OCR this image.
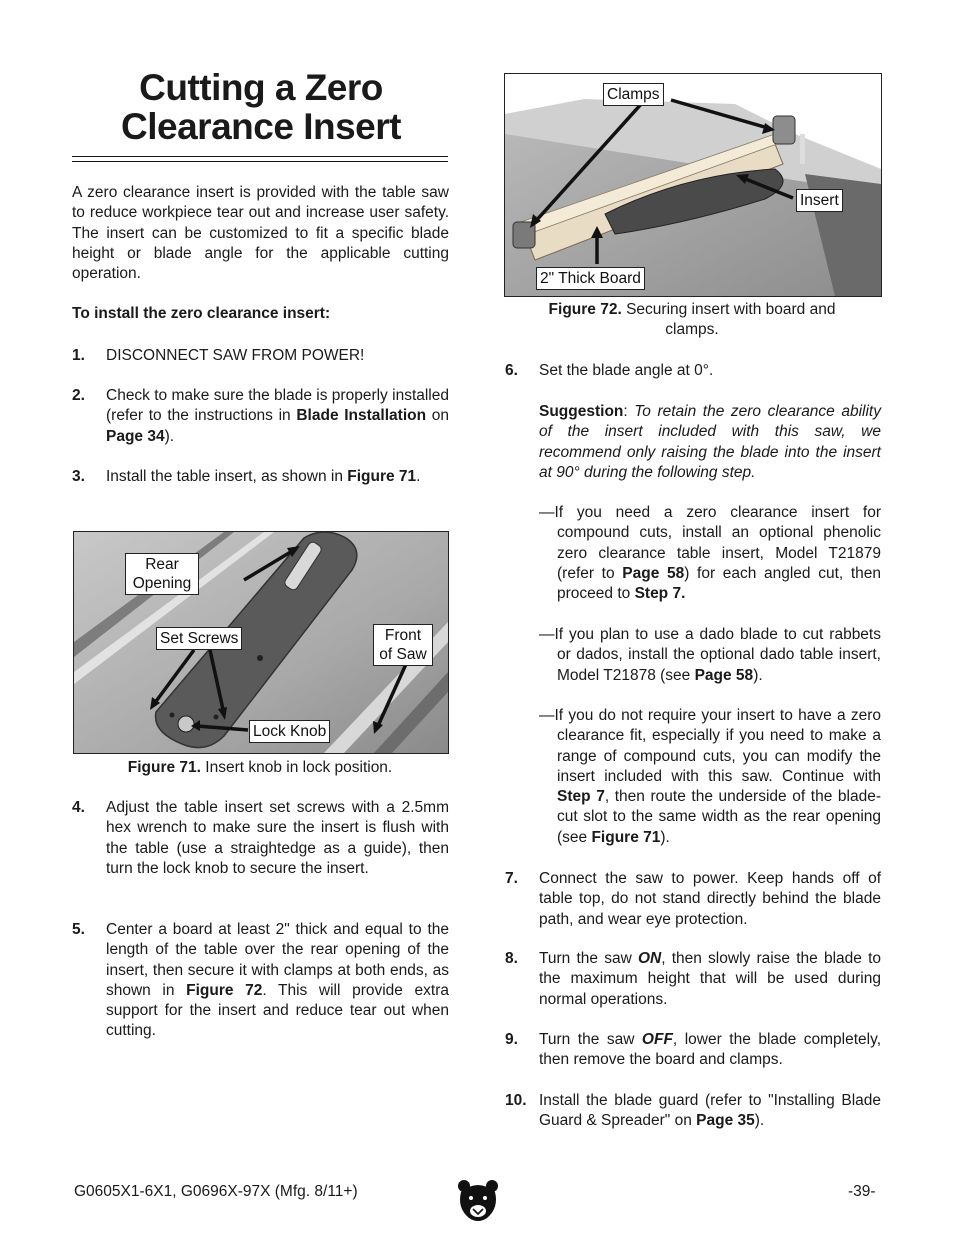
Cutting a Zero
Clearance Insert
A zero clearance insert is provided with the table saw to reduce workpiece tear out and increase user safety. The insert can be customized to fit a specific blade height or blade angle for the applicable cutting operation.
To install the zero clearance insert:
1.	DISCONNECT SAW FROM POWER!
2.	Check to make sure the blade is properly installed (refer to the instructions in Blade Installation on Page 34).
3.	Install the table insert, as shown in Figure 71.
Rear Opening
Set Screws	Front of Saw
Lock Knob
Figure 71. Insert knob in lock position.
4.	Adjust the table insert set screws with a 2.5mm hex wrench to make sure the insert is flush with the table (use a straightedge as a guide), then turn the lock knob to secure the insert.
5.	Center a board at least 2" thick and equal to the length of the table over the rear opening of the insert, then secure it with clamps at both ends, as shown in Figure 72. This will provide extra support for the insert and reduce tear out when cutting.
Clamps
Insert
2" Thick Board
Figure 72. Securing insert with board and clamps.
6.	Set the blade angle at 0°.
Suggestion: To retain the zero clearance ability of the insert included with this saw, we recommend only raising the blade into the insert at 90° during the following step.
—If you need a zero clearance insert for compound cuts, install an optional phenolic zero clearance table insert, Model T21879 (refer to Page 58) for each angled cut, then proceed to Step 7.
—If you plan to use a dado blade to cut rabbets or dados, install the optional dado table insert, Model T21878 (see Page 58).
—If you do not require your insert to have a zero clearance fit, especially if you need to make a range of compound cuts, you can modify the insert included with this saw. Continue with Step 7, then route the underside of the blade-cut slot to the same width as the rear opening (see Figure 71).
7.	Connect the saw to power. Keep hands off of table top, do not stand directly behind the blade path, and wear eye protection.
8.	Turn the saw ON, then slowly raise the blade to the maximum height that will be used during normal operations.
9.	Turn the saw OFF, lower the blade completely, then remove the board and clamps.
10. Install the blade guard (refer to "Installing Blade Guard & Spreader" on Page 35).
G0605X1-6X1, G0696X-97X (Mfg. 8/11+)	-39-
